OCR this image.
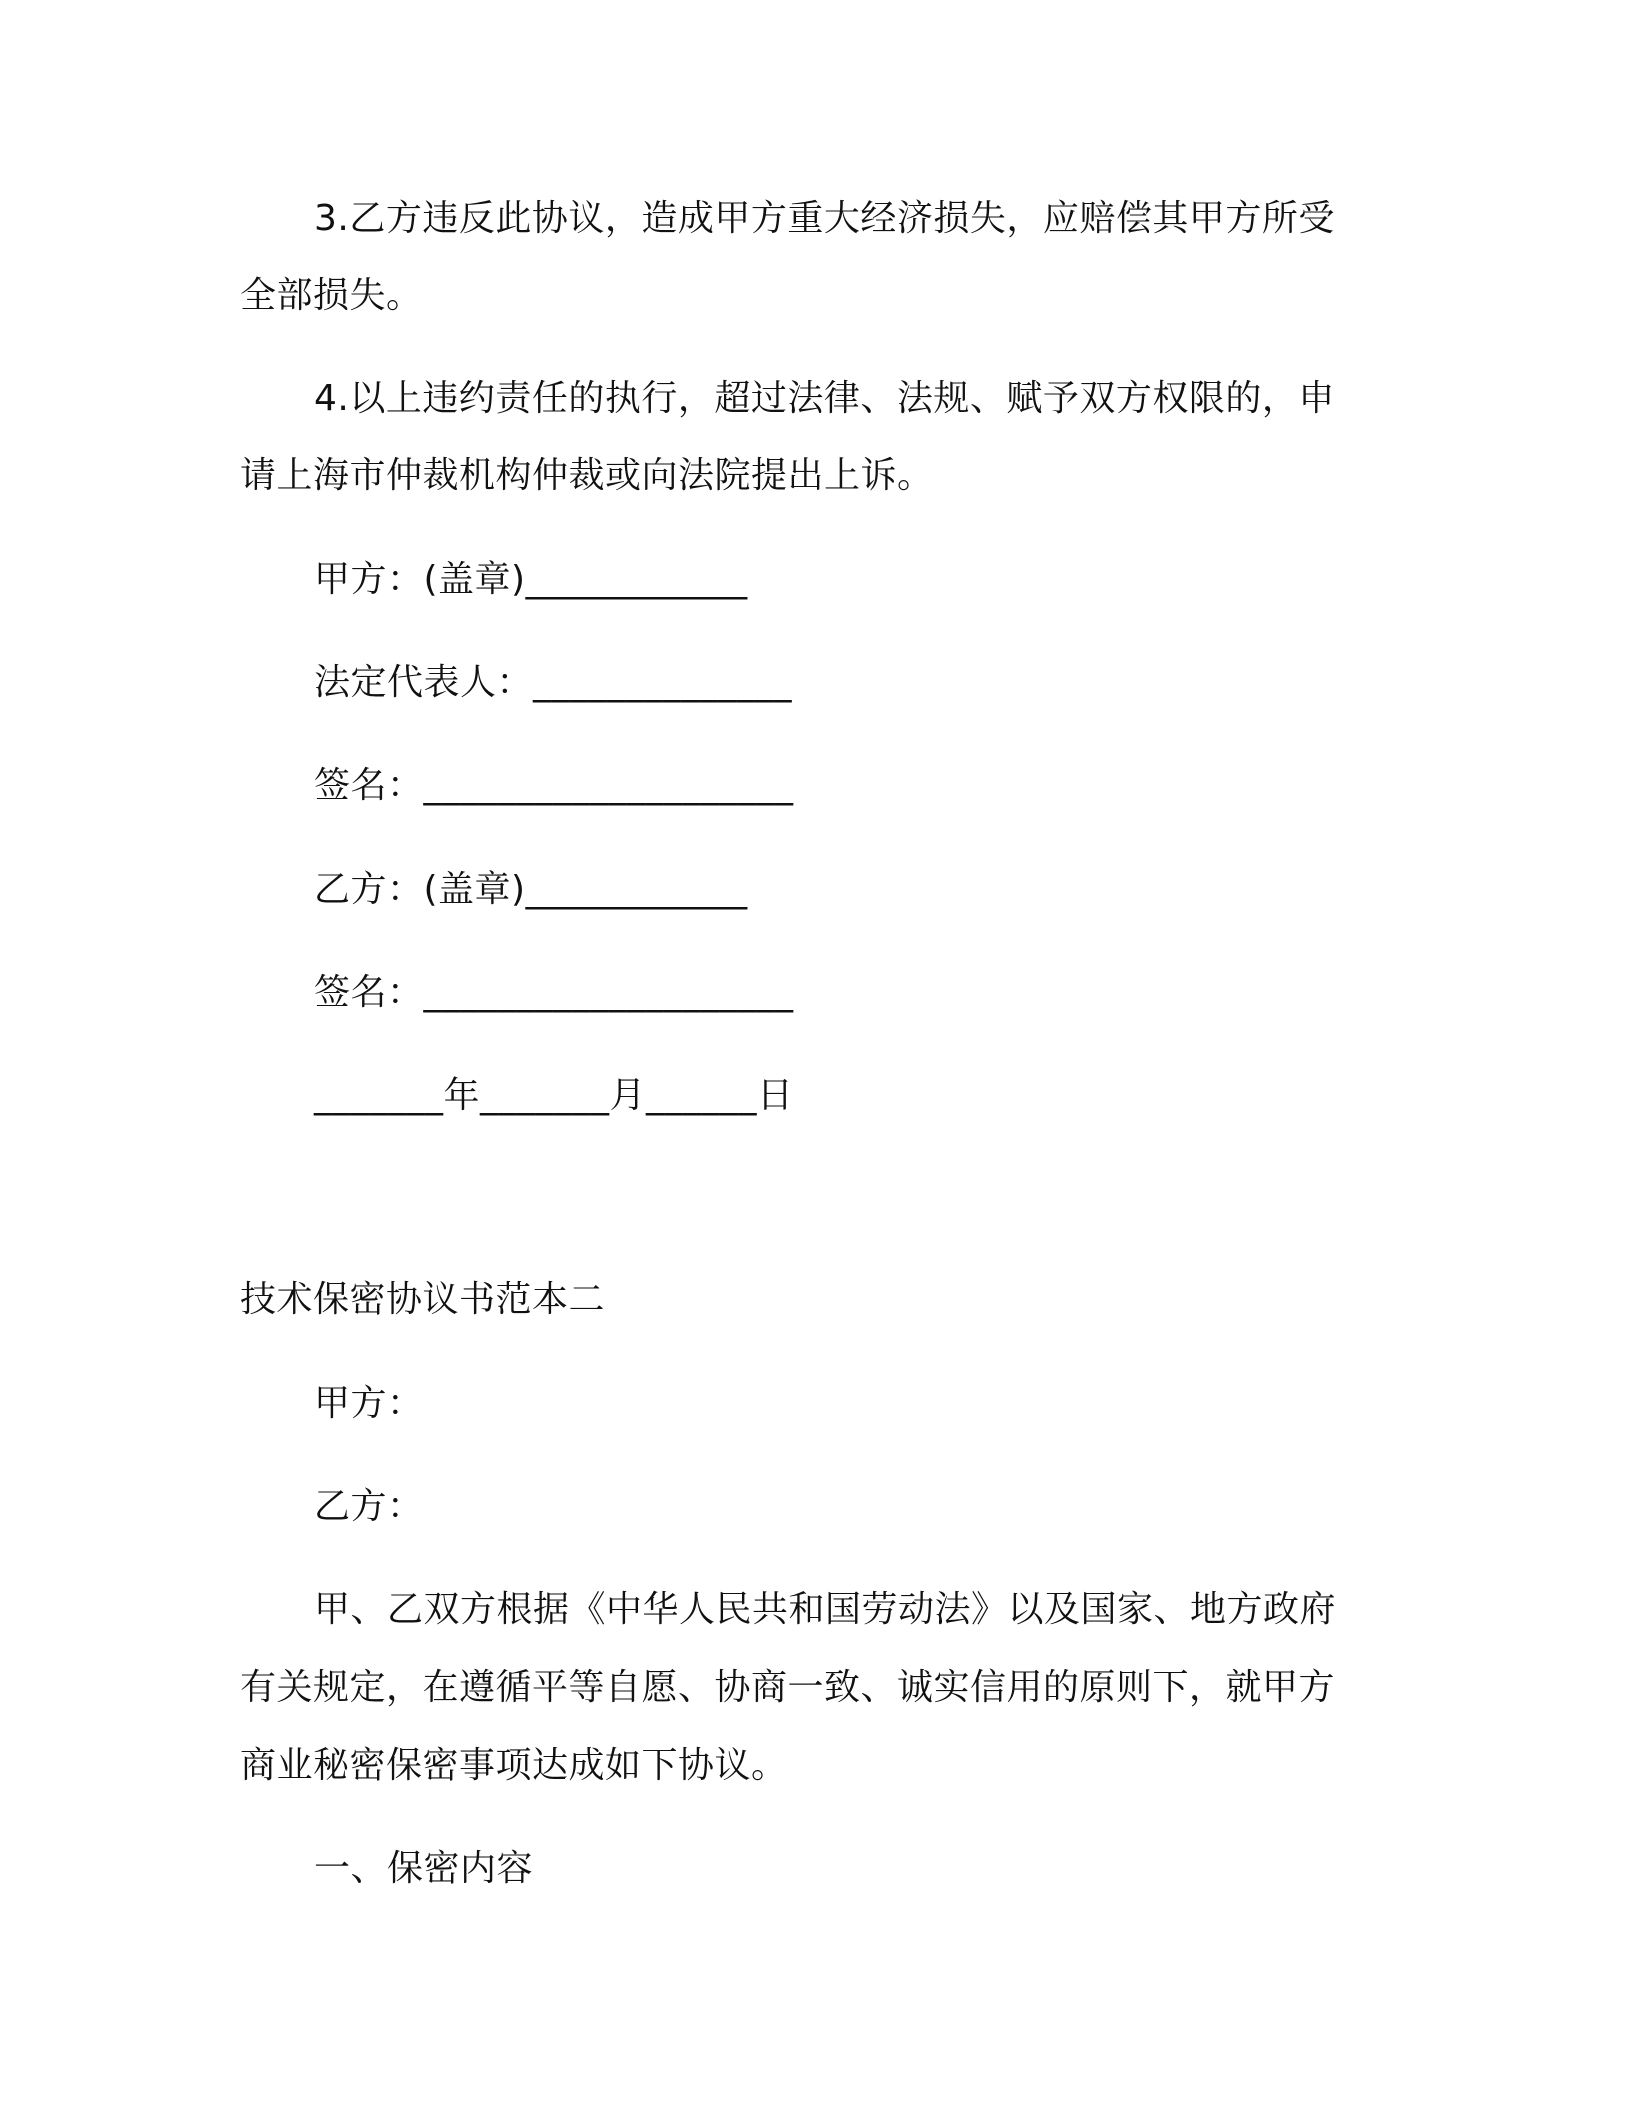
3.乙方违反此协议，造成甲方重大经济损失，应赔偿其甲方所受
全部损失。
4.以上违约责任的执行，超过法律、法规、赋予双方权限的，申
请上海市仲裁机构仲裁或向法院提出上诉。
甲方：(盖章)____________
法定代表人：______________
签名：____________________
乙方：(盖章)____________
签名：____________________
_______年_______月______日
技术保密协议书范本二
甲方：
乙方：
甲、乙双方根据《中华人民共和国劳动法》以及国家、地方政府
有关规定，在遵循平等自愿、协商一致、诚实信用的原则下，就甲方
商业秘密保密事项达成如下协议。
一、保密内容
